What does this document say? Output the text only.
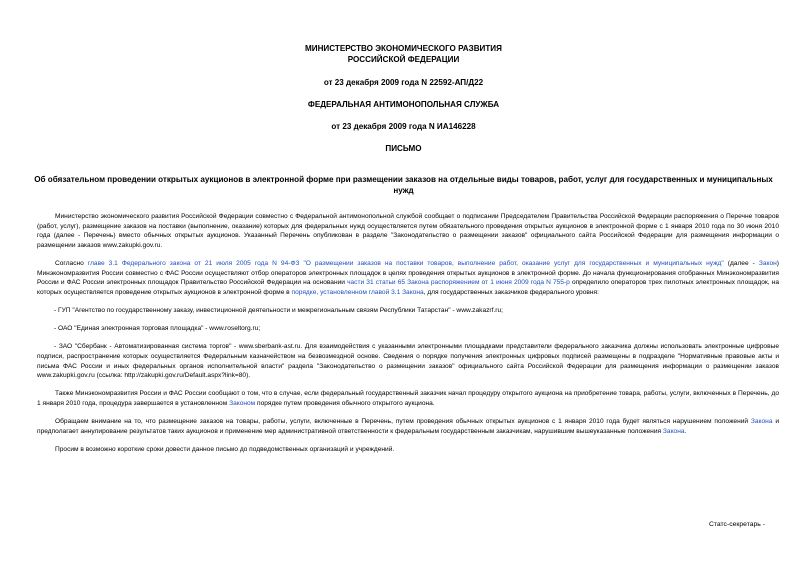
МИНИСТЕРСТВО ЭКОНОМИЧЕСКОГО РАЗВИТИЯ
РОССИЙСКОЙ ФЕДЕРАЦИИ
от 23 декабря 2009 года N 22592-АП/Д22
ФЕДЕРАЛЬНАЯ АНТИМОНОПОЛЬНАЯ СЛУЖБА
от 23 декабря 2009 года N ИА146228
ПИСЬМО
Об обязательном проведении открытых аукционов в электронной форме при размещении заказов на отдельные виды товаров, работ, услуг для государственных и муниципальных нужд

Министерство экономического развития Российской Федерации совместно с Федеральной антимонопольной службой сообщает о подписании Председателем Правительства Российской Федерации распоряжения о Перечне товаров (работ, услуг), размещение заказов на поставки (выполнение, оказание) которых для федеральных нужд осуществляется путем обязательного проведения открытых аукционов в электронной форме с 1 января 2010 года по 30 июня 2010 года (далее - Перечень) вместо обычных открытых аукционов. Указанный Перечень опубликован в разделе "Законодательство о размещении заказов" официального сайта Российской Федерации для размещения информации о размещении заказов www.zakupki.gov.ru.

Согласно главе 3.1 Федерального закона от 21 июля 2005 года N 94-ФЗ "О размещении заказов на поставки товаров, выполнение работ, оказание услуг для государственных и муниципальных нужд" (далее - Закон) Минэкономразвития России совместно с ФАС России осуществляют отбор операторов электронных площадок в целях проведения открытых аукционов в электронной форме. До начала функционирования отобранных Минэкономразвития России и ФАС России электронных площадок Правительство Российской Федерации на основании части 31 статьи 65 Закона распоряжением от 1 июня 2009 года N 755-р определило операторов трех пилотных электронных площадок, на которых осуществляется проведение открытых аукционов в электронной форме в порядке, установленном главой 3.1 Закона, для государственных заказчиков федерального уровня:

- ГУП "Агентство по государственному заказу, инвестиционной деятельности и межрегиональным связям Республики Татарстан" - www.zakazrf.ru;

- ОАО "Единая электронная торговая площадка" - www.roseltorg.ru;

- ЗАО "Сбербанк - Автоматизированная система торгов" - www.sberbank-ast.ru. Для взаимодействия с указанными электронными площадками представители федерального заказчика должны использовать электронные цифровые подписи, распространение которых осуществляется Федеральным казначейством на безвозмездной основе. Сведения о порядке получения электронных цифровых подписей размещены в подразделе "Нормативные правовые акты и письма ФАС России и иных федеральных органов исполнительной власти" раздела "Законодательство о размещении заказов" официального сайта Российской Федерации для размещения информации о размещении заказов www.zakupki.gov.ru (ссылка: http://zakupki.gov.ru/Default.aspx?link=80).

Также Минэкономразвития России и ФАС России сообщают о том, что в случае, если федеральный государственный заказчик начал процедуру открытого аукциона на приобретение товара, работы, услуги, включенных в Перечень, до 1 января 2010 года, процедура завершается в установленном Законом порядке путем проведения обычного открытого аукциона.

Обращаем внимание на то, что размещение заказов на товары, работы, услуги, включенные в Перечень, путем проведения обычных открытых аукционов с 1 января 2010 года будет являться нарушением положений Закона и предполагает аннулирование результатов таких аукционов и применение мер административной ответственности к федеральным государственным заказчикам, нарушившим вышеуказанные положения Закона.

Просим в возможно короткие сроки довести данное письмо до подведомственных организаций и учреждений.

Статс-секретарь -
